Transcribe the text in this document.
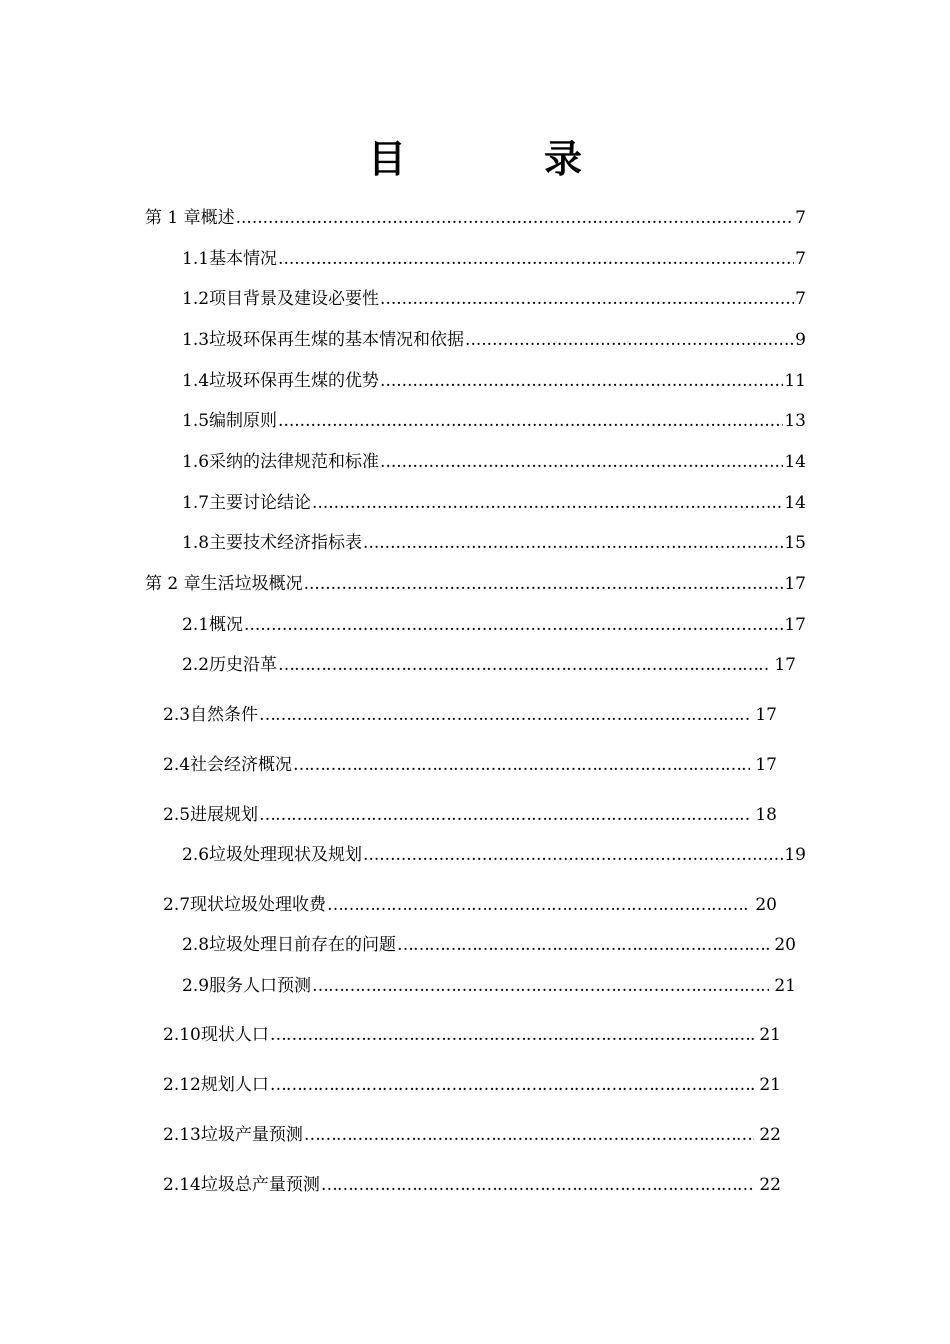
目　录
第 1 章 概述 .....	7
1.1 基本情况 .....	7
1.2 项目背景及建设必要性 .....	7
1.3 垃圾环保再生煤的基本情况和依据 .....	9
1.4 垃圾环保再生煤的优势 .....	11
1.5 编制原则 .....	13
1.6 采纳的法律规范和标准 .....	14
1.7 主要讨论结论 .....	14
1.8 主要技术经济指标表 .....	15
第 2 章 生活垃圾概况 .....	17
2.1 概况 .....	17
2.2 历史沿革 ………………………………………………………………………………………………………………………………………………………………………………	17
2.3 自然条件 ………………………………………………………………………………………………………………………………………………………………………………	17
2.4 社会经济概况 ………………………………………………………………………………………………………………………………………………………………………………	17
2.5 进展规划 ………………………………………………………………………………………………………………………………………………………………………………	18
2.6 垃圾处理现状及规划 .....	19
2.7 现状垃圾处理收费 ………………………………………………………………………………………………………………………………………………………………………………	20
2.8 垃圾处理日前存在的问题 ………………………………………………………………………………………………………………………………………………………………………………	20
2.9 服务人口预测 ………………………………………………………………………………………………………………………………………………………………………………	21
2.10 现状人口 ………………………………………………………………………………………………………………………………………………………………………………	21
2.12 规划人口 ………………………………………………………………………………………………………………………………………………………………………………	21
2.13 垃圾产量预测 ………………………………………………………………………………………………………………………………………………………………………………	22
2.14 垃圾总产量预测 ………………………………………………………………………………………………………………………………………………………………………………	22
